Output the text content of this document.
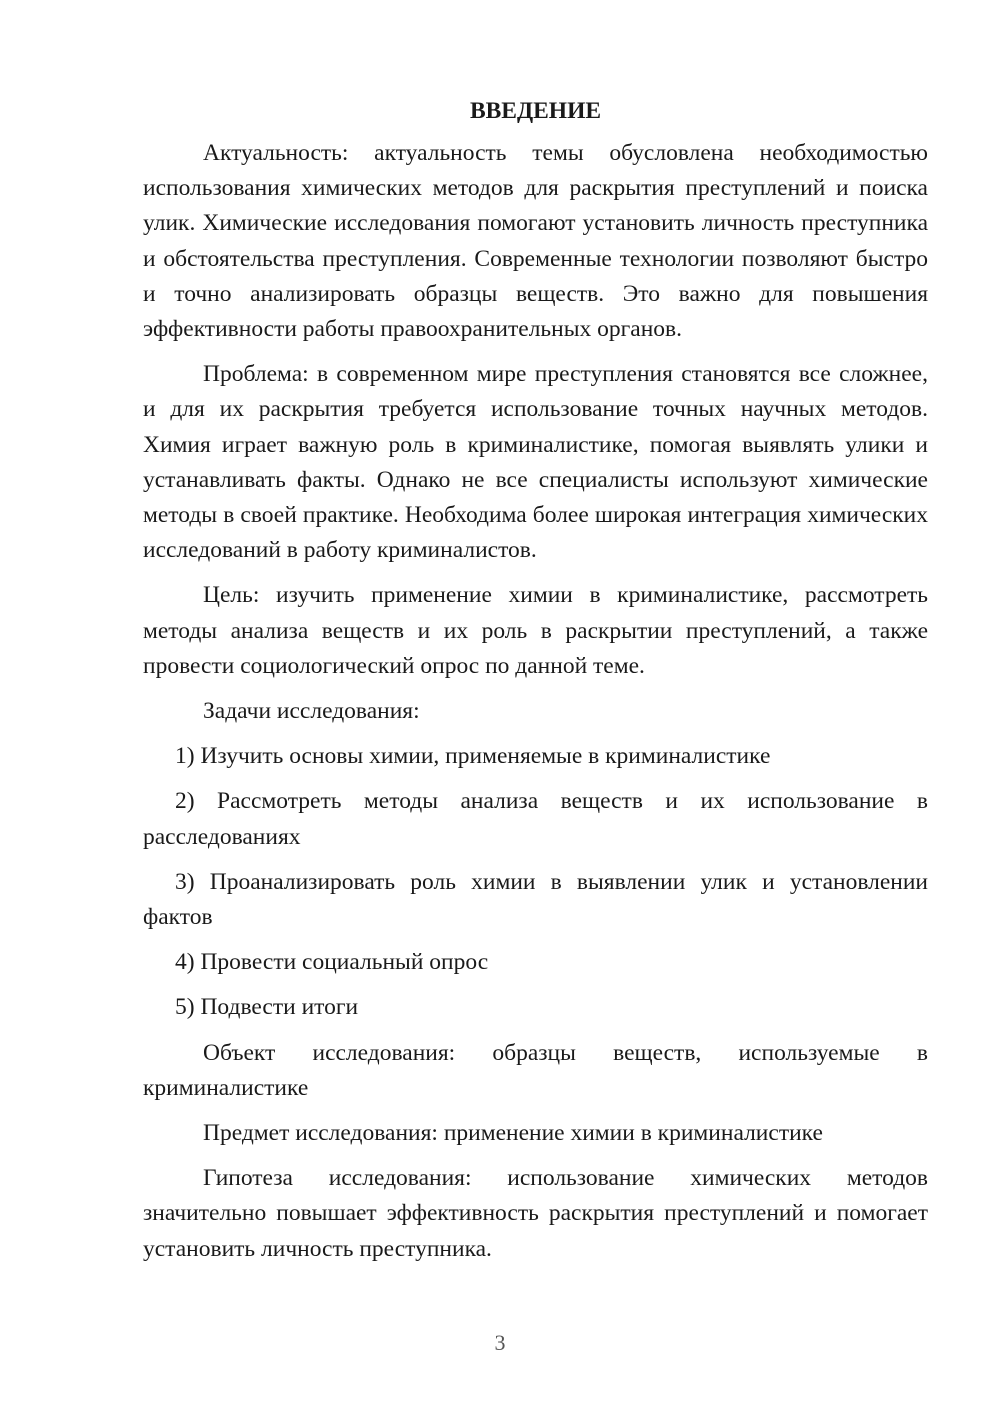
ВВЕДЕНИЕ

Актуальность: актуальность темы обусловлена необходимостью использования химических методов для раскрытия преступлений и поиска улик. Химические исследования помогают установить личность преступника и обстоятельства преступления. Современные технологии позволяют быстро и точно анализировать образцы веществ. Это важно для повышения эффективности работы правоохранительных органов.

Проблема: в современном мире преступления становятся все сложнее, и для их раскрытия требуется использование точных научных методов. Химия играет важную роль в криминалистике, помогая выявлять улики и устанавливать факты. Однако не все специалисты используют химические методы в своей практике. Необходима более широкая интеграция химических исследований в работу криминалистов.

Цель: изучить применение химии в криминалистике, рассмотреть методы анализа веществ и их роль в раскрытии преступлений, а также провести социологический опрос по данной теме.

Задачи исследования:

1) Изучить основы химии, применяемые в криминалистике

2) Рассмотреть методы анализа веществ и их использование в расследованиях

3) Проанализировать роль химии в выявлении улик и установлении фактов

4) Провести социальный опрос

5) Подвести итоги

Объект исследования: образцы веществ, используемые в криминалистике

Предмет исследования: применение химии в криминалистике

Гипотеза исследования: использование химических методов значительно повышает эффективность раскрытия преступлений и помогает установить личность преступника.

3
